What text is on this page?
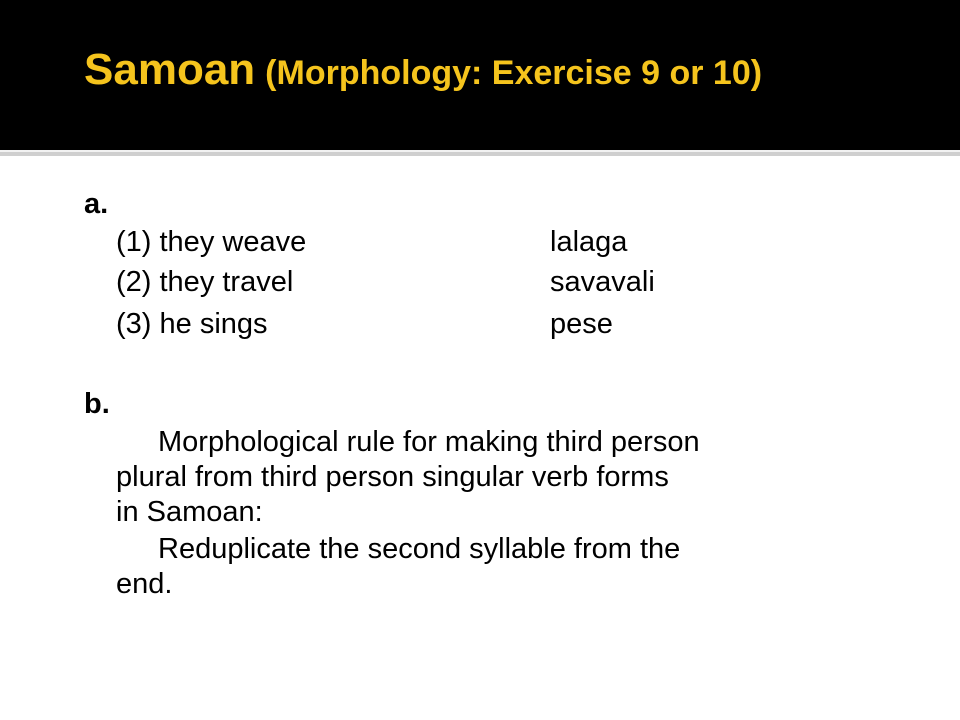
Samoan (Morphology: Exercise 9 or 10)
a.
(1) they weave	lalaga
(2) they travel	savavali
(3) he sings	pese
b.
Morphological rule for making third person
plural from third person singular verb forms
in Samoan:
Reduplicate the second syllable from the
end.
